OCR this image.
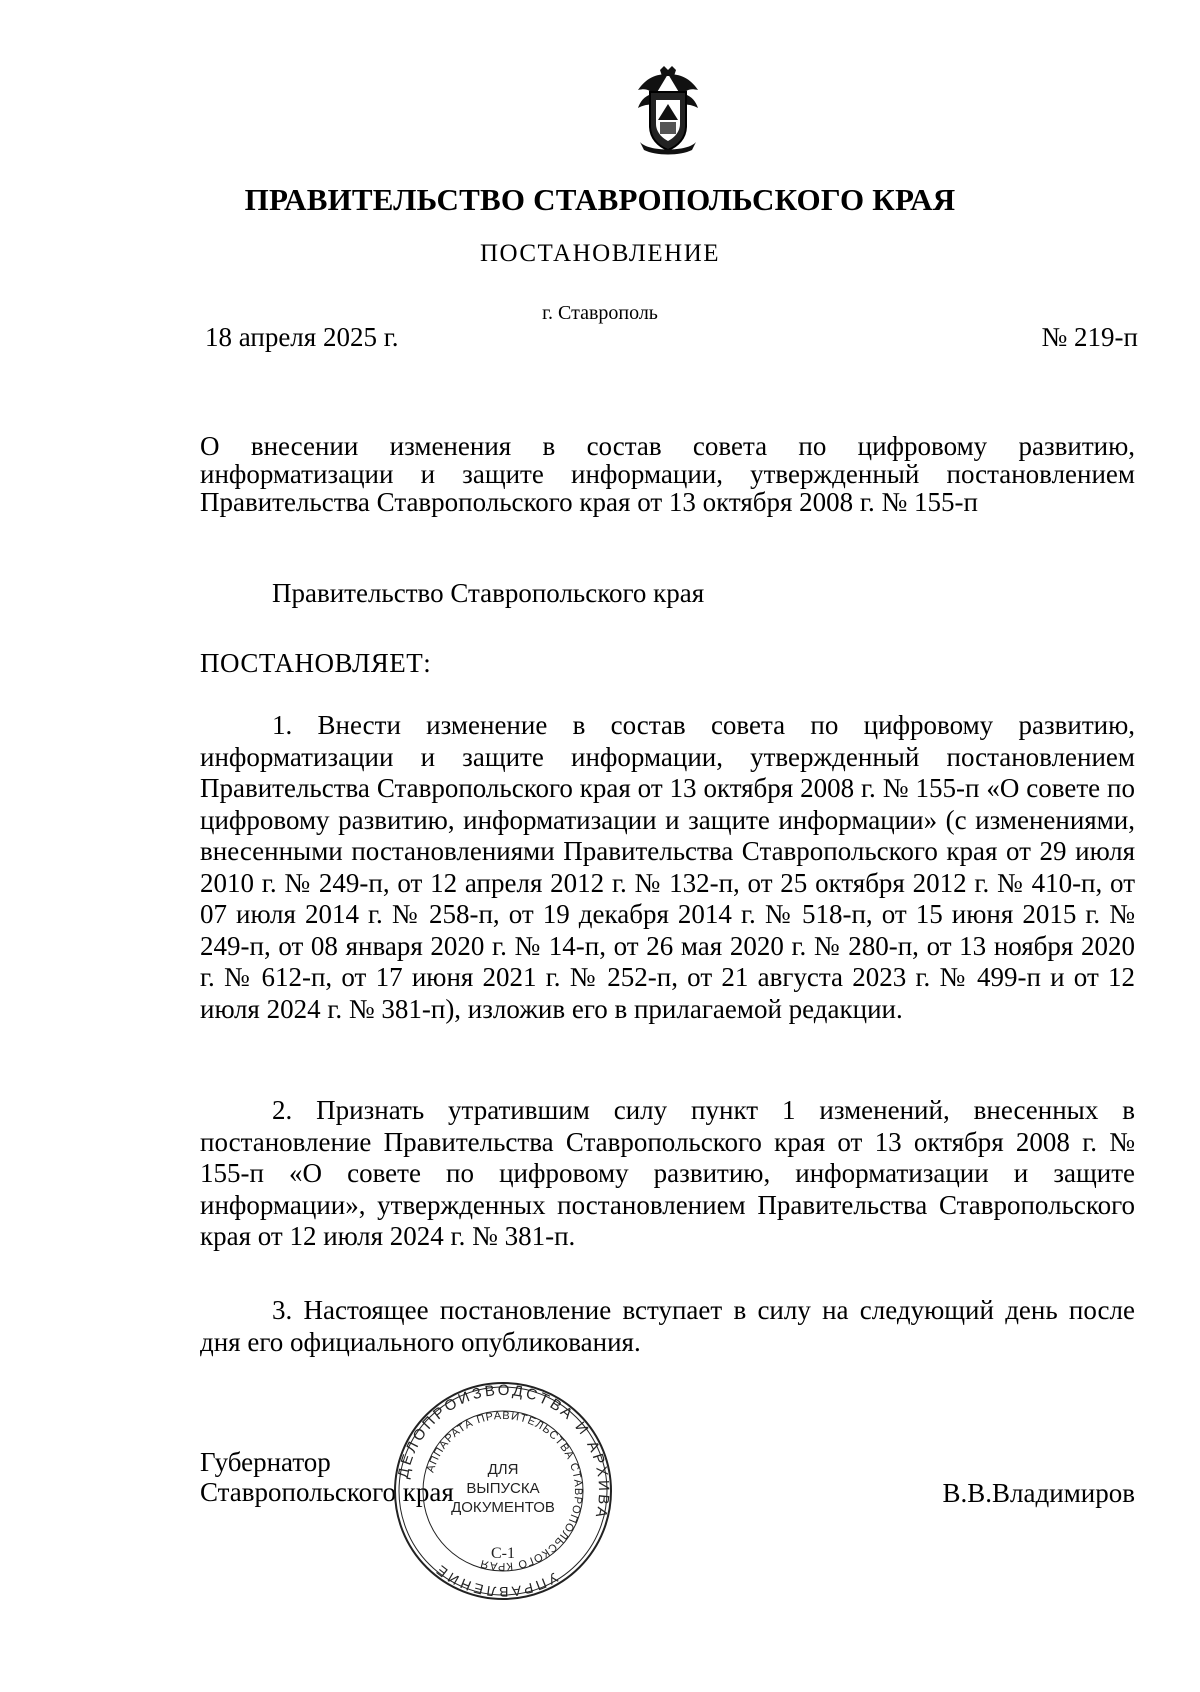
ПРАВИТЕЛЬСТВО СТАВРОПОЛЬСКОГО КРАЯ
ПОСТАНОВЛЕНИЕ
г. Ставрополь
18 апреля 2025 г.	№ 219-п
О внесении изменения в состав совета по цифровому развитию, информатизации и защите информации, утвержденный постановлением Правительства Ставропольского края от 13 октября 2008 г. № 155-п
Правительство Ставропольского края
ПОСТАНОВЛЯЕТ:
1. Внести изменение в состав совета по цифровому развитию, информатизации и защите информации, утвержденный постановлением Правительства Ставропольского края от 13 октября 2008 г. № 155-п «О совете по цифровому развитию, информатизации и защите информации» (с изменениями, внесенными постановлениями Правительства Ставропольского края от 29 июля 2010 г. № 249-п, от 12 апреля 2012 г. № 132-п, от 25 октября 2012 г. № 410-п, от 07 июля 2014 г. № 258-п, от 19 декабря 2014 г. № 518-п, от 15 июня 2015 г. № 249-п, от 08 января 2020 г. № 14-п, от 26 мая 2020 г. № 280-п, от 13 ноября 2020 г. № 612-п, от 17 июня 2021 г. № 252-п, от 21 августа 2023 г. № 499-п и от 12 июля 2024 г. № 381-п), изложив его в прилагаемой редакции.
2. Признать утратившим силу пункт 1 изменений, внесенных в постановление Правительства Ставропольского края от 13 октября 2008 г. № 155-п «О совете по цифровому развитию, информатизации и защите информации», утвержденных постановлением Правительства Ставропольского края от 12 июля 2024 г. № 381-п.
3. Настоящее постановление вступает в силу на следующий день после дня его официального опубликования.
Губернатор
Ставропольского края	В.В.Владимиров
ДЕЛОПРОИЗВОДСТВА И АРХИВА
УПРАВЛЕНИЕ
АППАРАТА ПРАВИТЕЛЬСТВА СТАВРОПОЛЬСКОГО КРАЯ
ДЛЯ
ВЫПУСКА
ДОКУМЕНТОВ
С-1
